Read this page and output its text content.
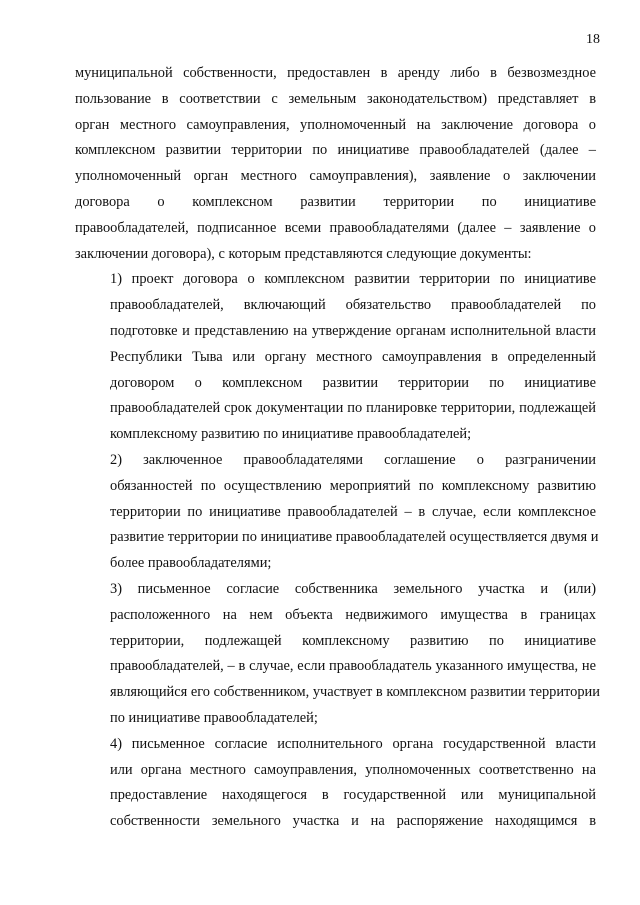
18
муниципальной собственности, предоставлен в аренду либо в безвозмездное
пользование в соответствии с земельным законодательством) представляет в
орган местного самоуправления, уполномоченный на заключение договора о
комплексном развитии территории по инициативе правообладателей (далее –
уполномоченный орган местного самоуправления), заявление о заключении
договора о комплексном развитии территории по инициативе
правообладателей, подписанное всеми правообладателями (далее – заявление о
заключении договора), с которым представляются следующие документы:
1) проект договора о комплексном развитии территории по инициативе
правообладателей, включающий обязательство правообладателей по
подготовке и представлению на утверждение органам исполнительной власти
Республики Тыва или органу местного самоуправления в определенный
договором о комплексном развитии территории по инициативе
правообладателей срок документации по планировке территории, подлежащей
комплексному развитию по инициативе правообладателей;
2) заключенное правообладателями соглашение о разграничении
обязанностей по осуществлению мероприятий по комплексному развитию
территории по инициативе правообладателей – в случае, если комплексное
развитие территории по инициативе правообладателей осуществляется двумя и
более правообладателями;
3) письменное согласие собственника земельного участка и (или)
расположенного на нем объекта недвижимого имущества в границах
территории, подлежащей комплексному развитию по инициативе
правообладателей, – в случае, если правообладатель указанного имущества, не
являющийся его собственником, участвует в комплексном развитии территории
по инициативе правообладателей;
4) письменное согласие исполнительного органа государственной власти
или органа местного самоуправления, уполномоченных соответственно на
предоставление находящегося в государственной или муниципальной
собственности земельного участка и на распоряжение находящимся в
